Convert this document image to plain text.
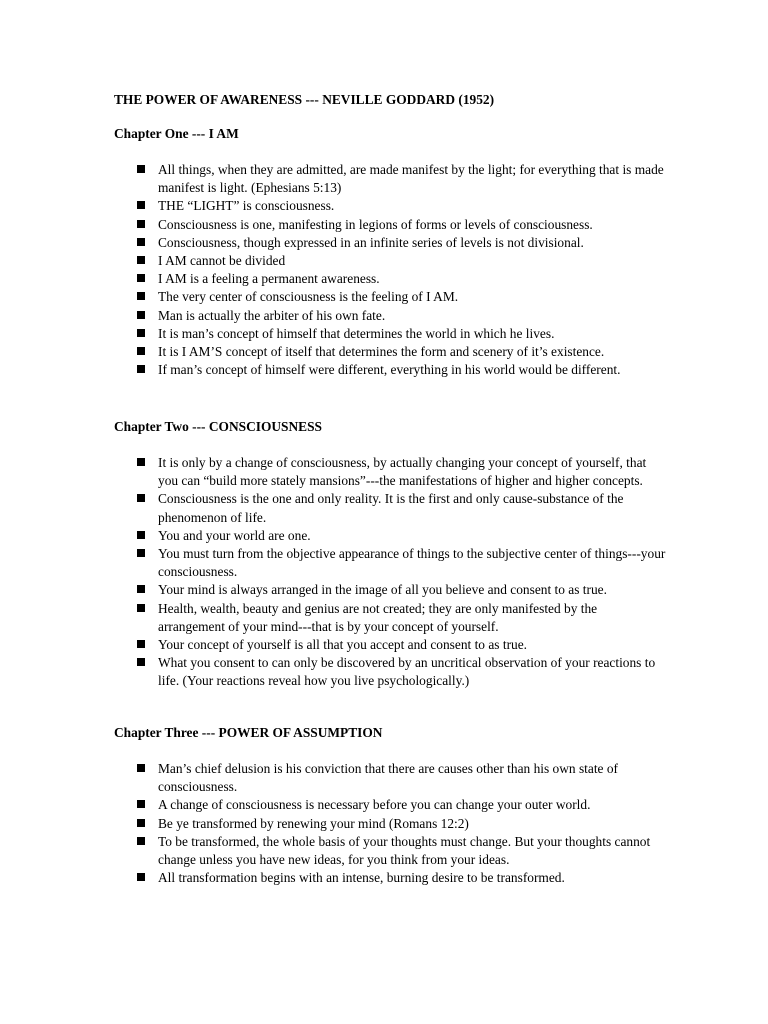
THE POWER OF AWARENESS --- NEVILLE GODDARD (1952)
Chapter One --- I AM
All things, when they are admitted, are made manifest by the light; for everything that is made manifest is light. (Ephesians 5:13)
THE “LIGHT” is consciousness.
Consciousness is one, manifesting in legions of forms or levels of consciousness.
Consciousness, though expressed in an infinite series of levels is not divisional.
I AM cannot be divided
I AM is a feeling a permanent awareness.
The very center of consciousness is the feeling of I AM.
Man is actually the arbiter of his own fate.
It is man’s concept of himself that determines the world in which he lives.
It is I AM’S concept of itself that determines the form and scenery of it’s existence.
If man’s concept of himself were different, everything in his world would be different.
Chapter Two --- CONSCIOUSNESS
It is only by a change of consciousness, by actually changing your concept of yourself, that you can “build more stately mansions”---the manifestations of higher and higher concepts.
Consciousness is the one and only reality. It is the first and only cause-substance of the phenomenon of life.
You and your world are one.
You must turn from the objective appearance of things to the subjective center of things---your consciousness.
Your mind is always arranged in the image of all you believe and consent to as true.
Health, wealth, beauty and genius are not created; they are only manifested by the arrangement of your mind---that is by your concept of yourself.
Your concept of yourself is all that you accept and consent to as true.
What you consent to can only be discovered by an uncritical observation of your reactions to life. (Your reactions reveal how you live psychologically.)
Chapter Three --- POWER OF ASSUMPTION
Man’s chief delusion is his conviction that there are causes other than his own state of consciousness.
A change of consciousness is necessary before you can change your outer world.
Be ye transformed by renewing your mind (Romans 12:2)
To be transformed, the whole basis of your thoughts must change. But your thoughts cannot change unless you have new ideas, for you think from your ideas.
All transformation begins with an intense, burning desire to be transformed.
